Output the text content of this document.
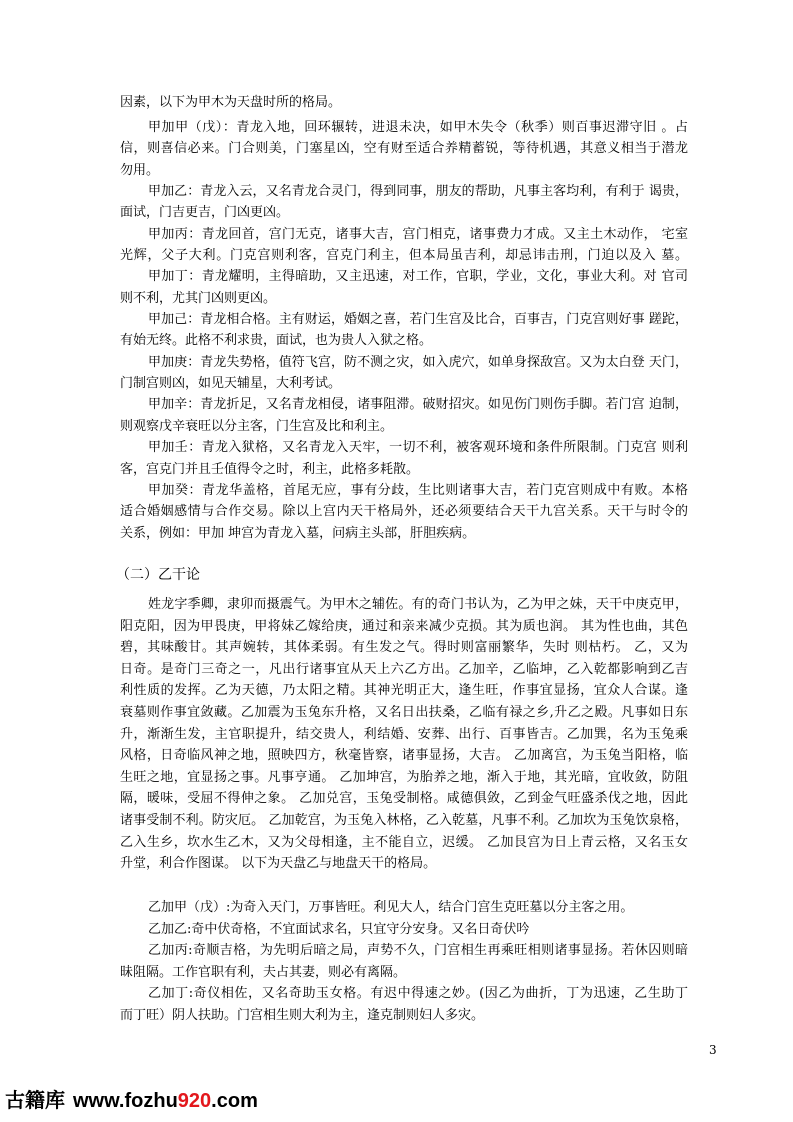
因素，以下为甲木为天盘时所的格局。
甲加甲（戊）：青龙入地，回环辗转，进退未决，如甲木失令（秋季）则百事迟滞守旧 。占
信，则喜信必来。门合则美，门塞星凶，空有财至适合养精蓄锐，等待机遇，其意义相当于潜龙
勿用。
甲加乙：青龙入云，又名青龙合灵门，得到同事，朋友的帮助，凡事主客均利，有利于 谒贵，
面试，门吉更吉，门凶更凶。
甲加丙：青龙回首，宫门无克，诸事大吉，宫门相克，诸事费力才成。又主土木动作， 宅室
光辉，父子大利。门克宫则利客，宫克门利主，但本局虽吉利，却忌讳击刑，门迫以及入 墓。
甲加丁：青龙耀明，主得暗助，又主迅速，对工作，官职，学业，文化，事业大利。对 官司
则不利，尤其门凶则更凶。
甲加己：青龙相合格。主有财运，婚姻之喜，若门生宫及比合，百事吉，门克宫则好事 蹉跎，
有始无终。此格不利求贵，面试，也为贵人入狱之格。
甲加庚：青龙失势格，值符飞宫，防不测之灾，如入虎穴，如单身探敌宫。又为太白登 天门，
门制宫则凶，如见天辅星，大利考试。
甲加辛：青龙折足，又名青龙相侵，诸事阻滞。破财招灾。如见伤门则伤手脚。若门宫 迫制，
则观察戊辛衰旺以分主客，门生宫及比和利主。
甲加壬：青龙入狱格，又名青龙入天牢，一切不利，被客观环境和条件所限制。门克宫 则利
客，宫克门并且壬值得令之时，利主，此格多耗散。
甲加癸：青龙华盖格，首尾无应，事有分歧，生比则诸事大吉，若门克宫则成中有败。本格
适合婚姻感情与合作交易。除以上宫内天干格局外，还必须要结合天干九宫关系。天干与时令的
关系，例如：甲加 坤宫为青龙入墓，问病主头部，肝胆疾病。
（二）乙干论
姓龙字季卿，隶卯而摄震气。为甲木之辅佐。有的奇门书认为，乙为甲之妹，天干中庚克甲，
阳克阳，因为甲畏庚，甲将妹乙嫁给庚，通过和亲来减少克损。其为质也润。 其为性也曲，其色
碧，其味酸甘。其声婉转，其体柔弱。有生发之气。得时则富丽繁华，失时 则枯朽。 乙，又为
日奇。是奇门三奇之一，凡出行诸事宜从天上六乙方出。乙加辛，乙临坤，乙入乾都影响到乙吉
利性质的发挥。乙为天德，乃太阳之精。其神光明正大，逢生旺，作事宜显扬，宜众人合谋。逢
衰墓则作事宜敛藏。乙加震为玉兔东升格，又名日出扶桑，乙临有禄之乡,升乙之殿。凡事如日东
升，渐渐生发，主官职提升，结交贵人，利结婚、安葬、出行、百事皆吉。乙加巽，名为玉兔乘
风格，日奇临风神之地，照映四方，秋毫皆察，诸事显扬，大吉。 乙加离宫，为玉兔当阳格，临
生旺之地，宜显扬之事。凡事亨通。 乙加坤宫，为胎养之地，渐入于地，其光暗，宜收敛，防阻
隔，暖味，受屈不得伸之象。 乙加兑宫，玉兔受制格。咸德俱敛，乙到金气旺盛杀伐之地，因此
诸事受制不利。防灾厄。 乙加乾宫，为玉兔入林格，乙入乾墓，凡事不利。乙加坎为玉兔饮泉格，
乙入生乡，坎水生乙木，又为父母相逢，主不能自立，迟缓。 乙加艮宫为日上青云格，又名玉女
升堂，利合作图谋。 以下为天盘乙与地盘天干的格局。
乙加甲（戊）:为奇入天门，万事皆旺。利见大人，结合门宫生克旺墓以分主客之用。
乙加乙:奇中伏奇格，不宜面试求名，只宜守分安身。又名日奇伏吟
乙加丙:奇顺吉格，为先明后暗之局，声势不久，门宫相生再乘旺相则诸事显扬。若休囚则暗
昧阻隔。工作官职有利，夫占其妻，则必有离隔。
乙加丁:奇仪相佐，又名奇助玉女格。有迟中得速之妙。(因乙为曲折，丁为迅速，乙生助丁
而丁旺）阴人扶助。门宫相生则大利为主，逢克制则妇人多灾。
3
古籍库 www.fozhu920.com
